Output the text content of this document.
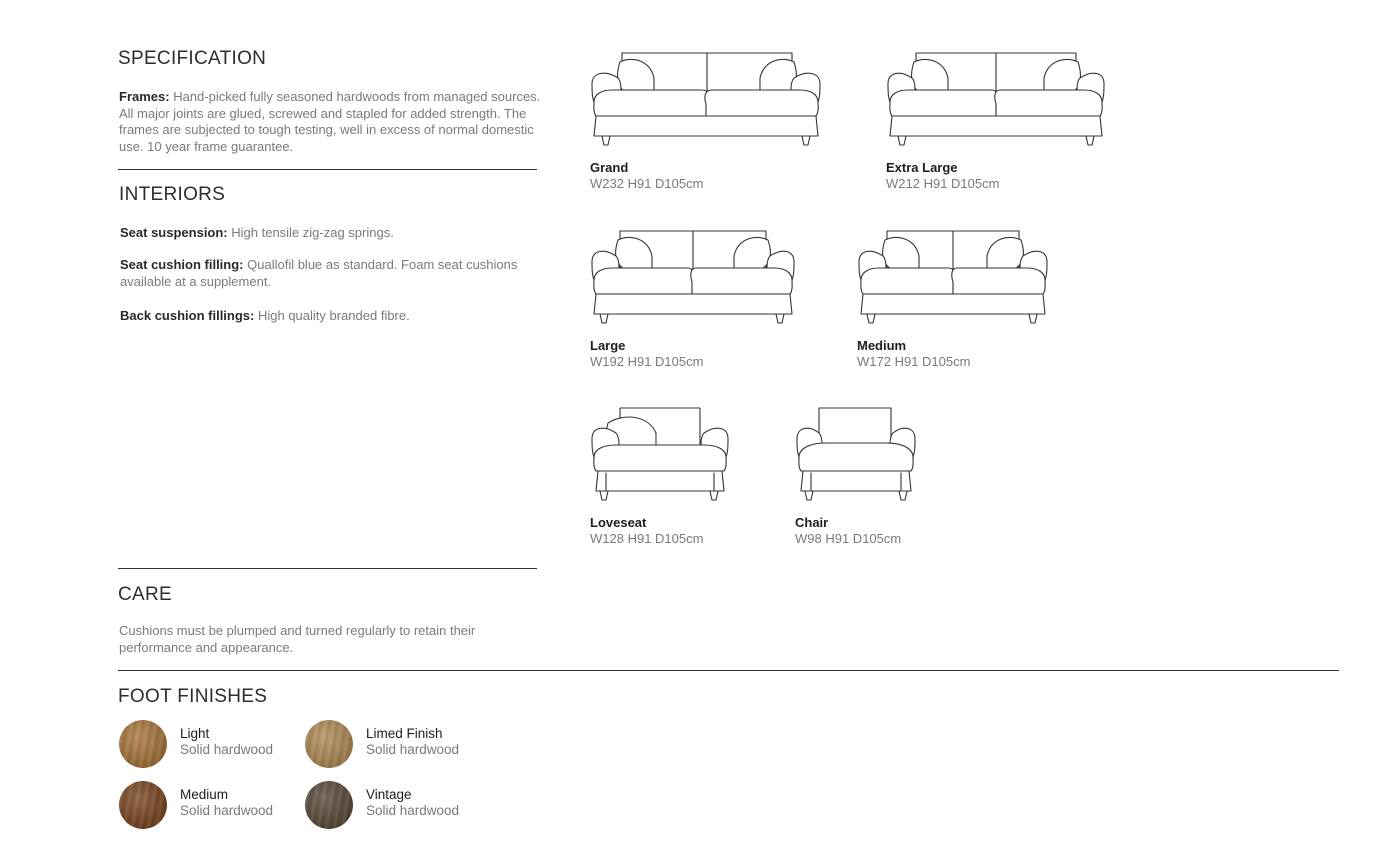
SPECIFICATION

Frames: Hand-picked fully seasoned hardwoods from managed sources. All major joints are glued, screwed and stapled for added strength. The frames are subjected to tough testing, well in excess of normal domestic use. 10 year frame guarantee.

INTERIORS

Seat suspension: High tensile zig-zag springs.

Seat cushion filling: Quallofil blue as standard. Foam seat cushions available at a supplement.

Back cushion fillings: High quality branded fibre.

CARE

Cushions must be plumped and turned regularly to retain their performance and appearance.

Grand
W232 H91 D105cm
Extra Large
W212 H91 D105cm
Large
W192 H91 D105cm
Medium
W172 H91 D105cm
Loveseat
W128 H91 D105cm
Chair
W98 H91 D105cm
FOOT FINISHES
Light
Solid hardwood
Limed Finish
Solid hardwood
Medium
Solid hardwood
Vintage
Solid hardwood
